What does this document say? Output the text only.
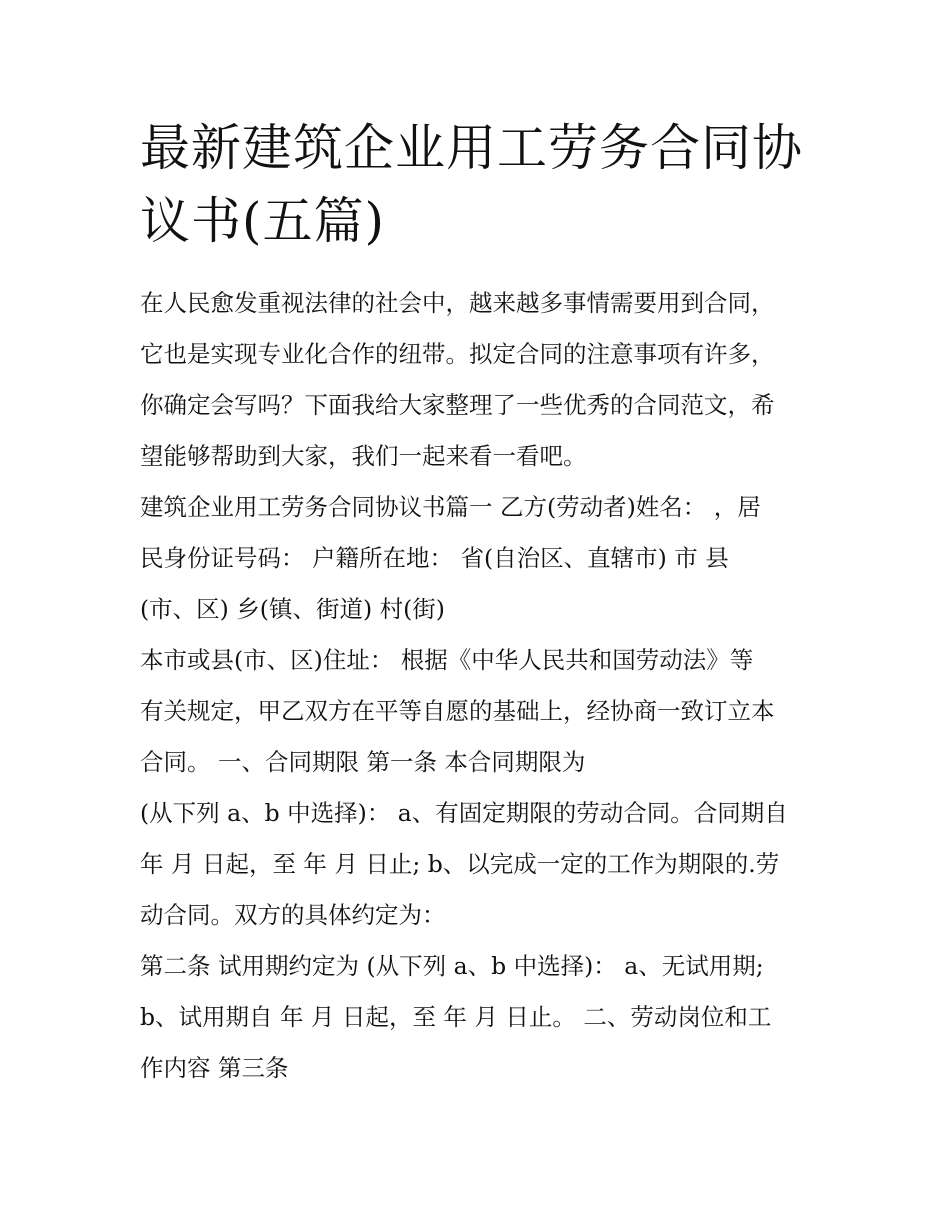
最新建筑企业用工劳务合同协
议书(五篇)
在人民愈发重视法律的社会中，越来越多事情需要用到合同，
它也是实现专业化合作的纽带。拟定合同的注意事项有许多，
你确定会写吗？下面我给大家整理了一些优秀的合同范文，希
望能够帮助到大家，我们一起来看一看吧。
建筑企业用工劳务合同协议书篇一 乙方(劳动者)姓名： ，居
民身份证号码： 户籍所在地： 省(自治区、直辖市) 市 县
(市、区) 乡(镇、街道) 村(街)
本市或县(市、区)住址： 根据《中华人民共和国劳动法》等
有关规定，甲乙双方在平等自愿的基础上，经协商一致订立本
合同。 一、合同期限 第一条 本合同期限为
(从下列 a、b 中选择)： a、有固定期限的劳动合同。合同期自
年 月 日起，至 年 月 日止; b、以完成一定的工作为期限的.劳
动合同。双方的具体约定为：
第二条 试用期约定为 (从下列 a、b 中选择)： a、无试用期;
b、试用期自 年 月 日起，至 年 月 日止。 二、劳动岗位和工
作内容 第三条
